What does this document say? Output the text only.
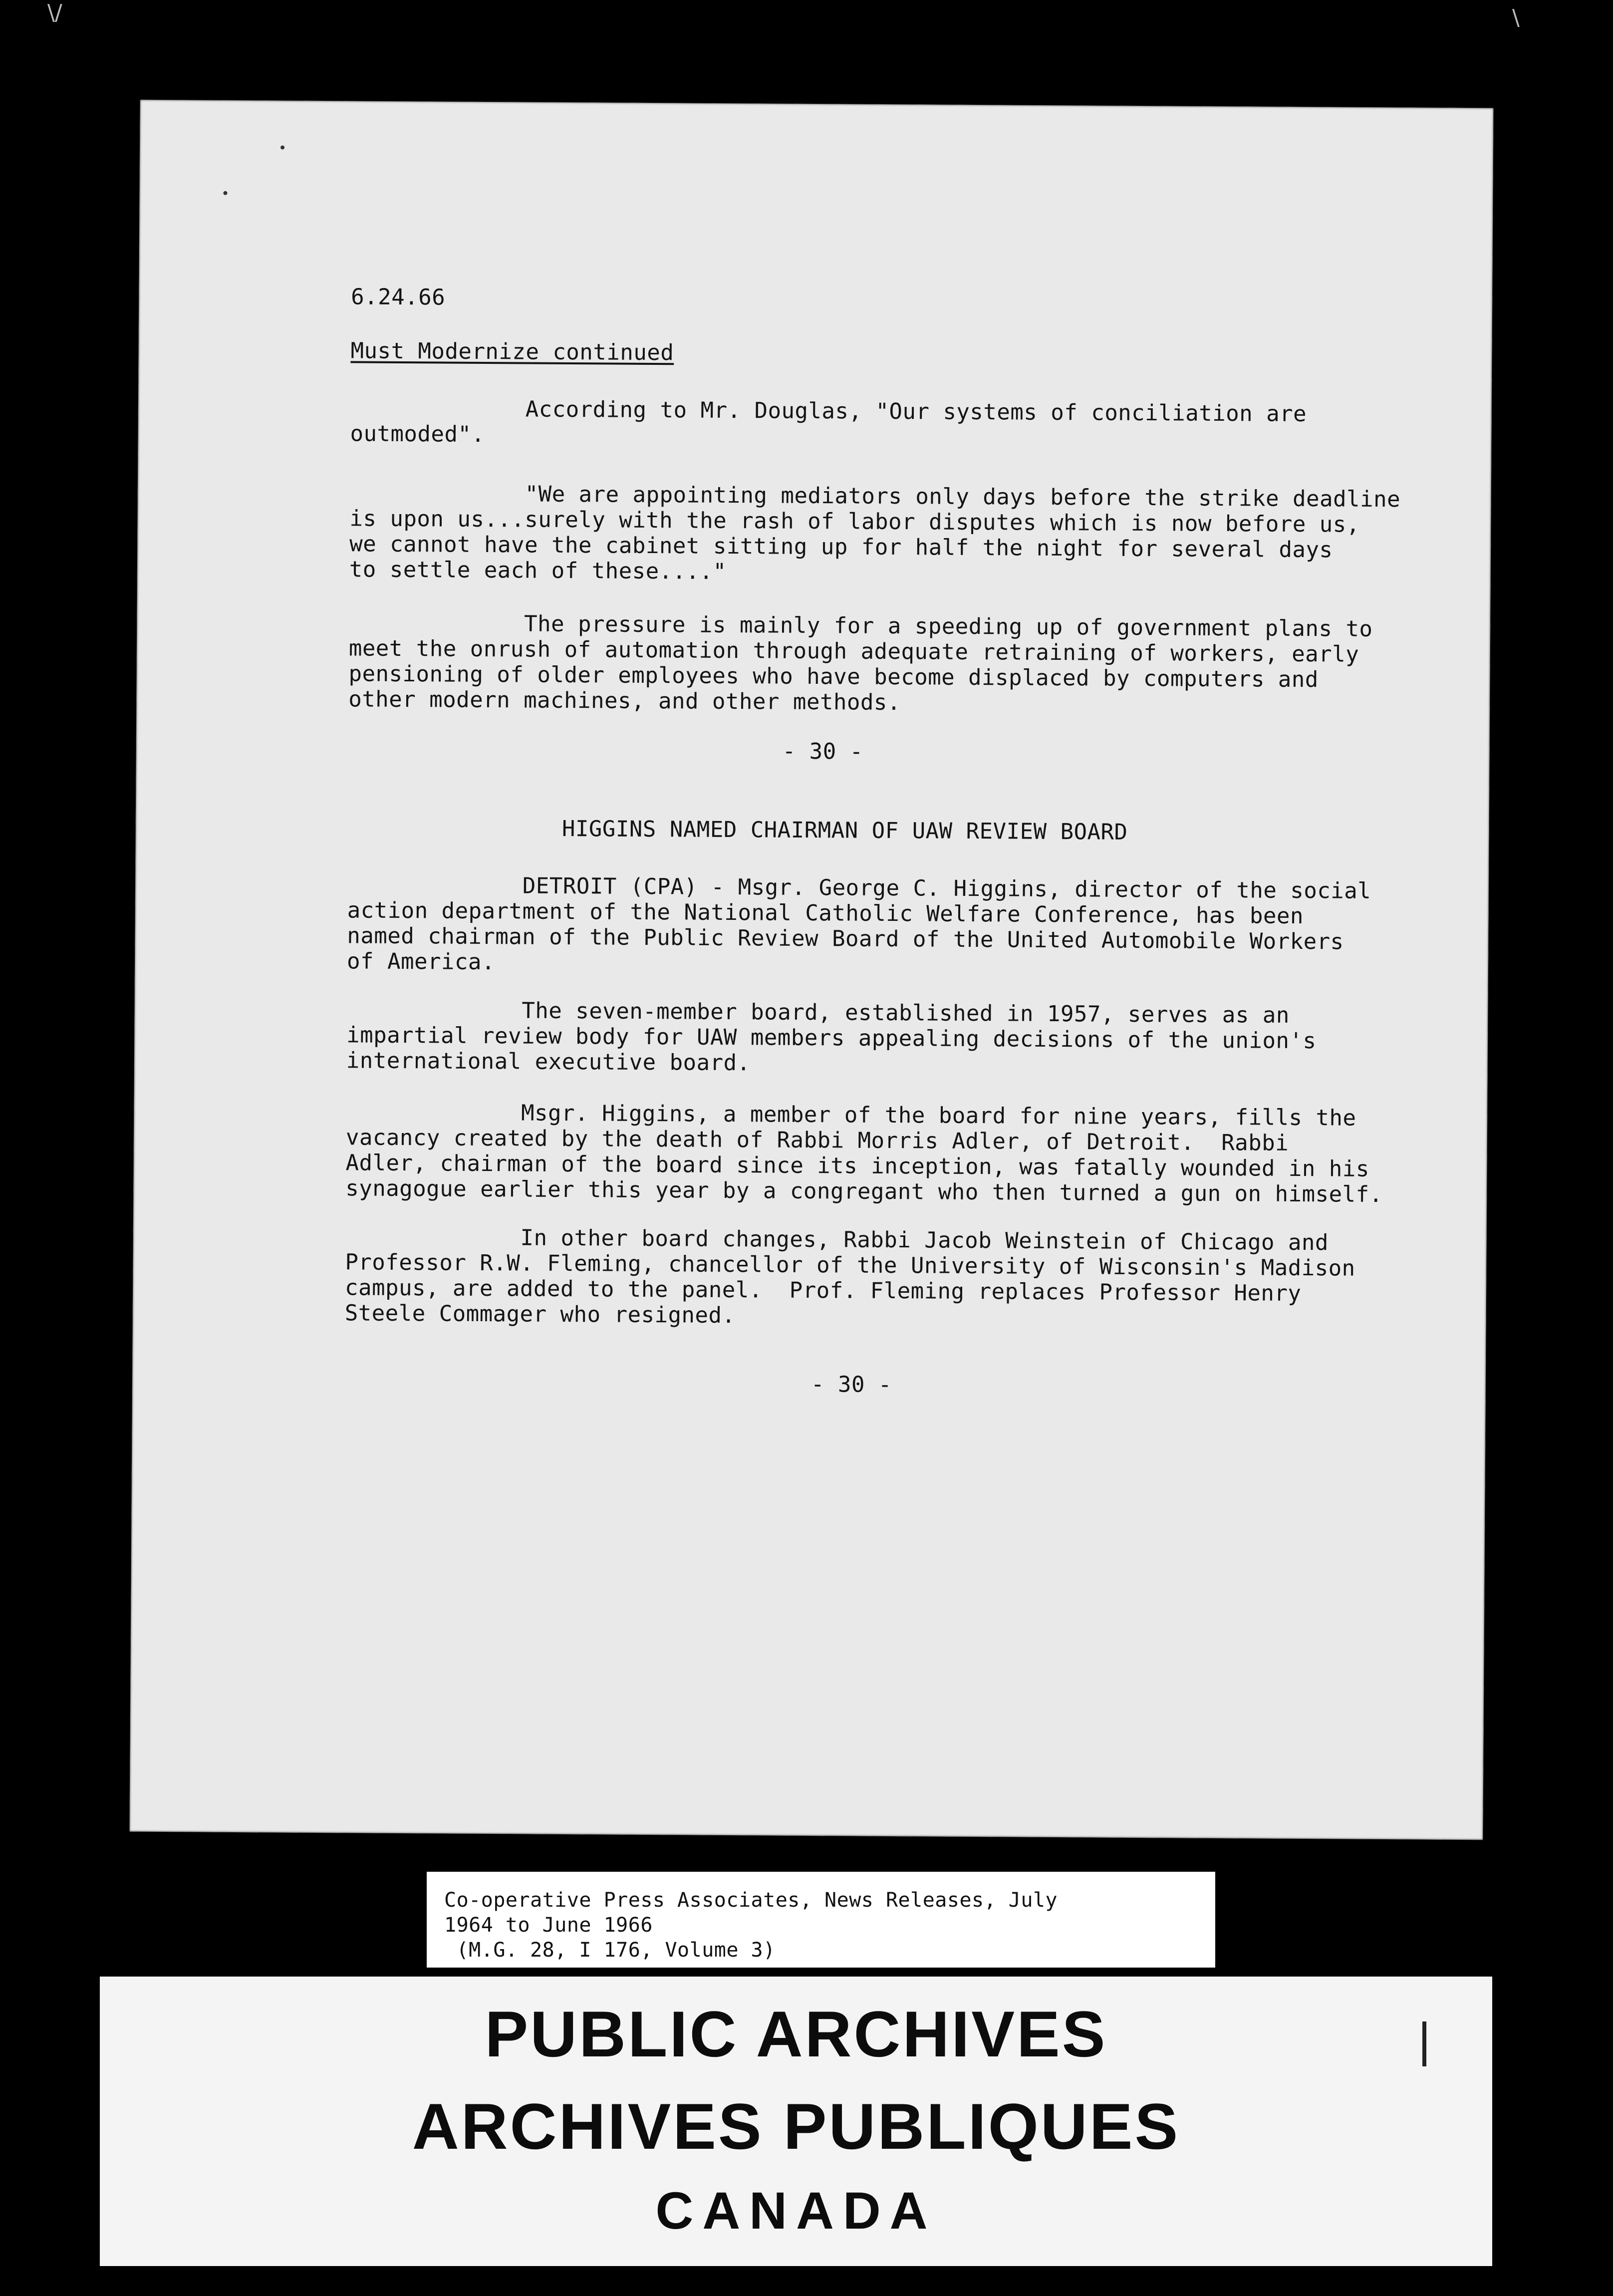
\/	\
6.24.66
Must Modernize continued
According to Mr. Douglas, "Our systems of conciliation are
outmoded".
"We are appointing mediators only days before the strike deadline
is upon us...surely with the rash of labor disputes which is now before us,
we cannot have the cabinet sitting up for half the night for several days
to settle each of these...."
The pressure is mainly for a speeding up of government plans to
meet the onrush of automation through adequate retraining of workers, early
pensioning of older employees who have become displaced by computers and
other modern machines, and other methods.
- 30 -
HIGGINS NAMED CHAIRMAN OF UAW REVIEW BOARD
DETROIT (CPA) - Msgr. George C. Higgins, director of the social
action department of the National Catholic Welfare Conference, has been
named chairman of the Public Review Board of the United Automobile Workers
of America.
The seven-member board, established in 1957, serves as an
impartial review body for UAW members appealing decisions of the union's
international executive board.
Msgr. Higgins, a member of the board for nine years, fills the
vacancy created by the death of Rabbi Morris Adler, of Detroit.  Rabbi
Adler, chairman of the board since its inception, was fatally wounded in his
synagogue earlier this year by a congregant who then turned a gun on himself.
In other board changes, Rabbi Jacob Weinstein of Chicago and
Professor R.W. Fleming, chancellor of the University of Wisconsin's Madison
campus, are added to the panel.  Prof. Fleming replaces Professor Henry
Steele Commager who resigned.
- 30 -
Co-operative Press Associates, News Releases, July
1964 to June 1966
(M.G. 28, I 176, Volume 3)
PUBLIC ARCHIVES
ARCHIVES PUBLIQUES
CANADA
